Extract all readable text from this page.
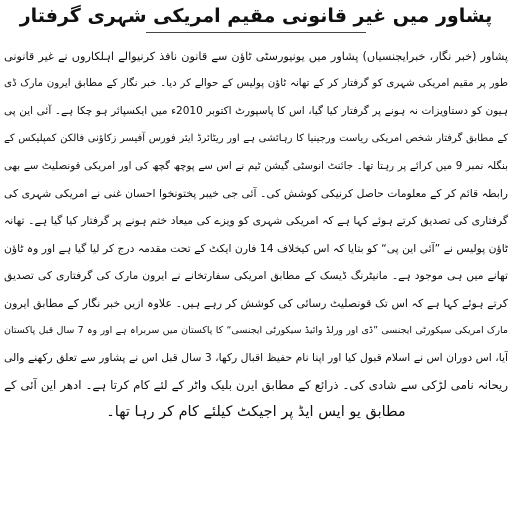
پشاور میں غیر قانونی مقیم امریکی شہری گرفتار
پشاور (خبر نگار، خبرایجنسیاں) پشاور میں یونیورسٹی ٹاؤن سے قانون نافذ کرنیوالے اہلکاروں نے غیر قانونی
طور پر مقیم امریکی شہری کو گرفتار کر کے تھانہ ٹاؤن پولیس کے حوالے کر دیا۔ خبر نگار کے مطابق ایرون مارک ڈی
ہیون کو دستاویزات نہ ہونے پر گرفتار کیا گیا، اس کا پاسپورٹ اکتوبر 2010ء میں ایکسپائر ہو چکا ہے۔ آئی این پی
کے مطابق گرفتار شخص امریکی ریاست ورجینیا کا رہائشی ہے اور ریٹائرڈ ایئر فورس آفیسر زکاؤنی فالکن کمپلیکس کے
بنگلہ نمبر 9 میں کرائے پر رہتا تھا۔ جائنٹ انوسٹی گیشن ٹیم نے اس سے پوچھ گچھ کی اور امریکی قونصلیٹ سے بھی
رابطہ قائم کر کے معلومات حاصل کرنیکی کوشش کی۔ آئی جی خیبر پختونخوا احسان غنی نے امریکی شہری کی
گرفتاری کی تصدیق کرتے ہوئے کہا ہے کہ امریکی شہری کو ویزے کی میعاد ختم ہونے پر گرفتار کیا گیا ہے۔ تھانہ
ٹاؤن پولیس نے ”آئی این پی“ کو بتایا کہ اس کیخلاف 14 فارن ایکٹ کے تحت مقدمہ درج کر لیا گیا ہے اور وہ ٹاؤن
تھانے میں ہی موجود ہے۔ مانیٹرنگ ڈیسک کے مطابق امریکی سفارتخانے نے ایرون مارک کی گرفتاری کی تصدیق
کرتے ہوئے کہا ہے کہ اس تک قونصلیٹ رسائی کی کوشش کر رہے ہیں۔ علاوہ ازیں خبر نگار کے مطابق ایرون
مارک امریکی سیکورٹی ایجنسی ”ڈی اور ورلڈ وائیڈ سیکورٹی ایجنسی“ کا پاکستان میں سربراہ ہے اور وہ 7 سال قبل پاکستان
آیا، اس دوران اس نے اسلام قبول کیا اور اپنا نام حفیظ اقبال رکھا، 3 سال قبل اس نے پشاور سے تعلق رکھنے والی
ریحانہ نامی لڑکی سے شادی کی۔ ذرائع کے مطابق ایرن بلیک واٹر کے لئے کام کرتا ہے۔ ادھر این آئی کے
مطابق یو ایس ایڈ پر اجیکٹ کیلئے کام کر رہا تھا۔
